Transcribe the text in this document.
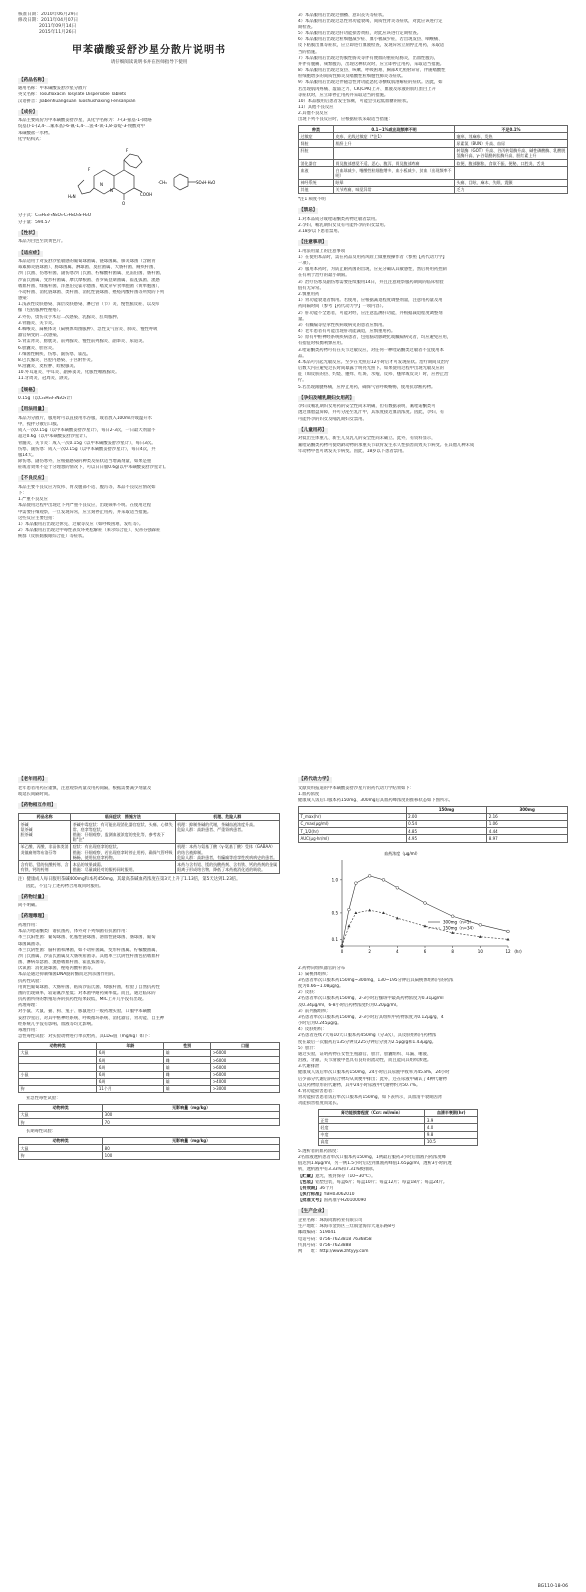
核准日期：2010年06月29日
修改日期：2011年04月07日
2011年09月14日
2015年11月26日
甲苯磺酸妥舒沙星分散片说明书
请仔细阅读说明书并在医师指导下使用
【药品名称】
通用名称：甲苯磺酸妥舒沙星分散片
英文名称：Tosufloxacin Tosylate Dispersible Tablets
汉语拼音：Jiabenhuangsuan Tuoshushaxing Fensanpian
【成份】
本品主要成份为甲苯磺酸妥舒沙星，其化学名称为：7-(3-氨基-1-(吡咯
烷基))-1-(2,4-二氟苯基)-6-氟-1,4-二氢-4-氧-1,8-萘啶-3-羧酸对甲
苯磺酸盐一水物。
化学结构式：
F
N
N
O
COOH
F
H₂N
·CH₃	SO₃H·H₂O
分子式：C₁₉H₁₅F₃N₄O₃·C₇H₈O₃S·H₂O
分子量：594.57
【性状】
本品为白色至淡黄色片。
【适应症】
本品适用于对妥舒沙星敏感的葡萄球菌属、链球菌属、肺炎球菌（含耐青
霉素肺炎链球菌）、肠球菌属、淋球菌、莫拉菌属、大肠杆菌、痢疾杆菌、
沙门氏菌、伤寒杆菌、副伤寒沙门氏菌、柠檬酸杆菌属、克雷伯菌、肠杆菌、
沙雷氏菌属、变形杆菌属、摩氏摩根菌、普罗威登斯菌属、霍乱弧菌、流感
嗜血杆菌、绿脓杆菌、洋葱伯克霍尔德菌、嗜麦芽窄食单胞菌（黄单胞菌）、
不动杆菌、消化链球菌、类杆菌、消化性链球菌、痤疮丙酸杆菌等所致的下列
感染：
1.浅表性皮肤感染、深层皮肤感染、淋巴管（节）炎、慢性脓皮症、以及疖
痂（包括脓肿性痤疮）。
2.外伤、烫伤及手术后二次感染、乳腺炎、肛周脓肿。
3.骨髓炎、关节炎。
4.咽喉炎、扁桃体炎（扁桃体周围脓肿）、急性支气管炎、肺炎、慢性呼吸
器官病变的二次感染。
5.肾盂肾炎、膀胱炎、前列腺炎、慢性前列腺炎、副睾炎、尿道炎。
6.胆囊炎、胆管炎。
7.细菌性痢疾、伤寒、副伤寒、霍乱。
8.巴氏腺炎、宫腔内感染、子宫附件炎。
9.泪囊炎、麦粒肿、睑板腺炎。
10.外耳道炎、中耳炎、副鼻窦炎、化脓性唾液腺炎。
11.牙周炎、冠周炎、颌炎。
【规格】
0.15g（以C₁₉H₁₅F₃N₄O₃计）
【用法用量】
本品为分散片，服用时可以直接用水吞服，或者放入100ml冷或温开水
中，搅拌分散后口服。
成人一次0.15g（以甲苯磺酸妥舒沙星计），每日2-3次，一日最大剂量不
超过0.6g（以甲苯磺酸妥舒沙星计）。
骨髓炎、关节炎：成人一次0.15g（以甲苯磺酸妥舒沙星计），每日3次。
伤寒、副伤寒：成人一次0.15g（以甲苯磺酸妥舒沙星计），每日4次，共
服14天。
除伤寒、副伤寒外，应根据感染的种类及症状适当增减剂量，如果是重
症或者效果不是十分理想的情况下，可以日日服0.6g(以甲苯磺酸妥舒沙星计)。
【不良反应】
本品主要不良反应为皮疹、胃及腹部不适、腹泻等，本品不良反应情况如
下：
1.严重不良反应
本品使用过程中出现过下列严重不良反应，出现频率不明。在使用过程
中需要仔细观察，一旦发现异常，应立刻停止用药，并采取适当措施。
这些反应主要包括：
1）本品服用后出现过休克、过敏等反应（如呼吸困难、发红等）。
2）本品服用后出现过中毒性表皮坏死松解症（莱尔综合征）、史蒂芬强森症
候群（皮肤黏膜眼综合征）等症状。
3）本品服用后出现过抽搐、意识丧失等症状。
4）本品服用后出现过急性肾功能衰竭，间质性肾炎等症状，对此应该进行定
期检查。
5）本品服用后出现过肝功能损害黄疸，对此应该进行定期检查。
6）本品服用后出现过粒细胞减少症、血小板减少症，若出现发热、咽喉痛、
皮下粘膜出血等症状，应立即进行血液检查，发现异常立刻停止用药，采取适
当的措施。
7）本品服用后出现过伪膜性肠炎等伴有便血的重症结肠炎，出血性腹泻，
并伴有腹痛、频繁腹泻，出现这种状况时，应立即停止用药，采取适当措施。
8）本品服用后出现过发热、咳嗽、呼吸困难、胸部X光照射异常、伴随嗜酸性
粒细胞增多的间质性肺炎及嗜酸性粒细胞性肺炎等症状。
9）本品服用后出现过伴随急性肾功能恶化等横纹肌溶解症的症状。因此，如
若出现肌肉疼痛、虚弱乏力、CK(CPK)上升、血液及尿液的肌红蛋白上升
等症状时，应立即停止用药并采取适当的措施。
10）本品服用后患者发生惊厥，可能会引起低血糖的症状。
11）其他不良反应
2.其他不良反应
出现下列不良反应时，应根据症状采取适当措施：
种类	0.1~1%或出现频率不明	不足0.1%
过敏症	皮疹、光线过敏症（*注1）	瘙痒、荨麻疹、发热
肾脏	肌酐上升	尿素氮（BUN）升高、血尿
肝脏		转氨酶（GOT）升高、谷丙转氨酶升高、碱性磷酸酶、乳酸脱氢酶升高、γ-谷氨酰转肽酶升高，胆红素上升
消化器官	胃及腹部感觉不适、恶心、腹泻、胃及腹部疼痛	软便、腹部膨胀、食欲不振、便秘、口腔炎、舌炎
血液	白血球减少，嗜酸性粒细胞增多，血小板减少，贫血（出现频率不明）	
神经系统	眩晕	头痛、目眩、麻木、失眠、震颤
其他	关节疼痛，味觉异常	乏力
*注1 频度不明
【禁忌】
1.对本品成分或喹诺酮类药物过敏者禁用。
2.孕妇、哺乳期妇女及有可能怀孕的妇女禁用。
3.18岁以下患者禁用。
【注意事项】
1.用法用量上的注意事项
1）在使用本品时，需在药品及用药风险上做重视操作者（参照【药代动力学】
一项）。
2）服用本药时，为防止耐药菌的出现，应充分确认其敏感性，然后将用药控制
在有利于治疗的最小期限。
3）治疗伤寒及副伤寒需要连续服用14日，并且注意观察服药期间的临床检验
值有无异常。
2.慎重用药
1）肾功能衰退者慎用。若使用，应根据减退程度调整剂量，注意用药量及用
药间隔时间（参考【药代动力学】一项内容）。
2）肝功能不全患者，可能对经，应注意监测肝功能，并根据减退程度调整剂
量。
3）有癫痫等痉挛性疾病或病史的患者应慎用。
4）老年患者有可能出现肝功能减退，应慎重用药。
5）原有中枢神经系统疾病患者，包括脑动脉硬化或癫痫病史者，均应避免应用，
有指征时权衡利弊应用。
3.喹诺酮类药物可有在关节过敏反应，对任何一种喹诺酮类过敏者不宜使用本
品。
4.本品可引起光敏反应。至少在光照后12小时后才可发现症状。治疗期间及治疗
后数天内应避免过长时间暴露于明亮光照下。如果使用过程中出现光敏反应的
征（如皮肤的热、灼烧、瘙痒、红斑、水疱、皮疹、瘙痒或皮炎）时，应停止治
疗。
5.若出现跟腱疼痛，应停止用药，确保气管呼吸畅畅，使用抗诊断药物。
【孕妇及哺乳期妇女用药】
孕妇及哺乳期妇女用药的安全性尚未明确，但有数据表明，氟喹诺酮类可
透过血胎盘屏障，并可分泌至乳汁中，其浓度接近血清浓度。因此，孕妇、有
可能怀孕的妇女及哺乳期妇女禁用。
【儿童用药】
对低出生体重儿、新生儿及乳儿的安全性尚未确立。此外，有资料显示，
氟喹诺酮类药物可使幼龄动物的承重关节软骨发生永久性损害而致关节病变。在其他几种未成
年动物中也可诱发关节病变。因此，18岁以下患者禁用。
【老年用药】
老年患者用药应谨慎，注意观察药量及用药间隔，根据需要减少剂量及
或延长间隔时间。
【药物相互作用】
药品名称	临床症状　措施方法	机理、危险人群
茶碱
氨茶碱
胆茶碱	茶碱中毒症状：有可能出现消化器官症状、头痛、心律失常、痉挛等症状。
措施：仔细观察，监测血液浓度的变化等，参考表下附"注"	机理：抑制茶碱的代谢，茶碱血液浓度升高。
危险人群：高龄患者、严重肾病患者。
苯乙酸、丙酸，非甾体类消炎镇痛剂等布洛芬等	症状：有出现痉挛的症状。
措施：仔细观察，若出现痉挛时停止用药，确保气管呼吸畅畅，使用抗痉挛药物。	机理：本药与氨基丁酸（γ-氨基丁酸）受体（GABAA）的结合被抑制。
危险人群：高龄患者，有癫痫等痉挛性疾病病史的患者。
含有铝、镁的抗酸药剂、含有铁、钙的药剂	本品的效果减弱。
措施：尽量减轻对的服药同时服用。	本药与含有铝、镁的抗酸药剂、含有铁、钙的药剂的金属阳离子形成络合物，降低了本药被消化道的吸收。
注）健康成人每日服用茶碱400mg和本药450mg，其最高茶碱血药浓度在第3天上升了1.13倍，第5天达到1.23倍。
因此，不宜与上述药物合用或同时服用。
【药物过量】
尚不明确。
【药理毒理】
药理作用：
本品为喹诺酮类广谱抗菌药，体外对下列细菌有抗菌作用：
革兰氏阳性菌：葡萄球菌、化脓性链球菌、溶血性链球菌、肠球菌、葡萄
球菌属菌等。
革兰氏阴性菌：脑杆菌和淋菌，如不动杆菌属、变形杆菌属、柠檬酸菌属、
沙门氏菌属、沙雷氏菌属及大肠埃希菌等。其他革兰氏阴性杆菌包括嗜血杆
菌、淋病奈瑟菌、流感嗜血杆菌、霍乱弧菌等。
厌氧菌：消化链球菌、痤疮丙酸杆菌等。
本品是通过抑制细菌DNA旋转酶而达到杀菌作用的。
抗药性试验：
用黄色葡萄球菌、大肠杆菌、粘质沙雷氏菌、绿脓杆菌，检验了自然抗药性
菌的出现频率，较诺氟沙星低；对本菌中耐药频率低。而且，通过临床的
抗药菌所得的繁殖培养的抗药性结果较低，MIC上升几乎没有出现。
药理毒理：
对小鼠、大鼠、猫、狗、兔子、豚鼠进行一般药理实验，口服甲苯磺酸
妥舒沙星后，对其中枢神经系统、呼吸循环系统、消化器官、肾功能、自主神
经系统几乎没有影响。血液等均无影响。
毒理作用：
急性毒性试验：对实验动物进行单次给药，其LD₅₀值（mg/kg）如下：
动物种类	年龄	性别	口服
大鼠	6周	雄	>6000
	6周	雌	>6000
	6周	雄	>6000
小鼠	6周	雌	>6000
	6周	雄	>4000
狗	11个月	雄	>3000
亚急性毒性试验：
动物种类	无影响量（mg/kg）
大鼠	300
狗	70
长期毒性试验：
动物种类	无影响量（mg/kg）
大鼠	80
狗	100
【药代动力学】
文献资料报道的甲苯磺酸妥舒沙星片的药代动力学结果如下：
1.血药浓度
健康成人饭后口服本药150mg、300mg后其血药峰浓度的推移状态如下图所示。
	150mg	300mg
T_max(hr)	2.00	2.16
C_max(μg/ml)	0.54	1.06
T_1/2(hr)	4.85	4.44
AUC(μg·hr/ml)	4.95	8.97
血药浓度（μg/ml）
0	2	4	6	8	10	12 (hr)
0.1
0.5
1.0
300mg（n=5）
150mg（n=34）
2.药物向组织器官的分布
1）扁桃体组织：
3名患者单次口服本药150mg~300mg，130~195分钟后其扁桃体组织内的药浓
度为0.66~1.08μg/g。
2）皮肤：
2名患者单次口服本药150mg，2-3小时后痂斑中最高药物浓度为0.31μg/ml
及0.34μg/ml，6-8小时后药物浓度约为0.20μg/ml。
3）前列腺组织：
3名患者单次口服本药150mg，2-3小时后其组织中药物浓度为0.12μg/g，4
小时后为0.245μg/g。
4）皮肤组织：
2名患者连续7天每10天口服本药450mg（分3次），其皮肤组织内药物浓
度在最后一次服药后135分钟及225分钟后分别为2.5μg/g和1.43μg/g。
5）胆汁：
通过实验，证明药物在女性生殖器官、胆汁、胆囊组织、耳漏、唾液、
泪液、牙龈、关节滑液中也具有良好的流动性，而且能向其组织渗透。
3.代谢排泄
健康成人饭后单次口服本药150mg，24小时后其尿液中收率为45.8%，24小时
后少部分代谢后的结合物均从粪便中排出；此外，还在尿液中确认了4种代谢物
以及药物原形的代谢物，其中24小时尿液中代谢物约为50.7%。
4.肾功能损害患者：
肾功能损害患者饭后单次口服本药150mg，如下表所示，其血清半衰期因肾
功能损害程度而延长。
肾功能损害程度（Ccr: ml/min）	血清半衰期(hr)
正常	3.9
轻度	4.0
中度	9.8
高度	10.5
5.透析者的血药浓度：
2名血液透析患者单次口服本药150mg，1例最后服药3小时后血液内药浓度峰
值达到1.8μg/ml，另一例1.5小时后达到血液药峰值1.65μg/ml，透析3小时的透
析，透析液中有3.33%和7.31%被排除。
【贮藏】遮光，密封保存（10~30℃）。
【包装】铝塑包装，每盒6片；每盒10片；每盒12片；每盒18片；每盒24片。
【有效期】36个月
【执行标准】YBH03062010
【批准文号】国药准字H20100090
【生产企业】
企业名称：珠海同源药业有限公司
生产地址：珠海市金湾区三灶镇金海岸大道东路8号
邮政编码：519041
电话号码：0756-7623818 7636858
传真号码：0756-7623888
网　　址：http://www.zhtyyy.com
BG110-18-06
